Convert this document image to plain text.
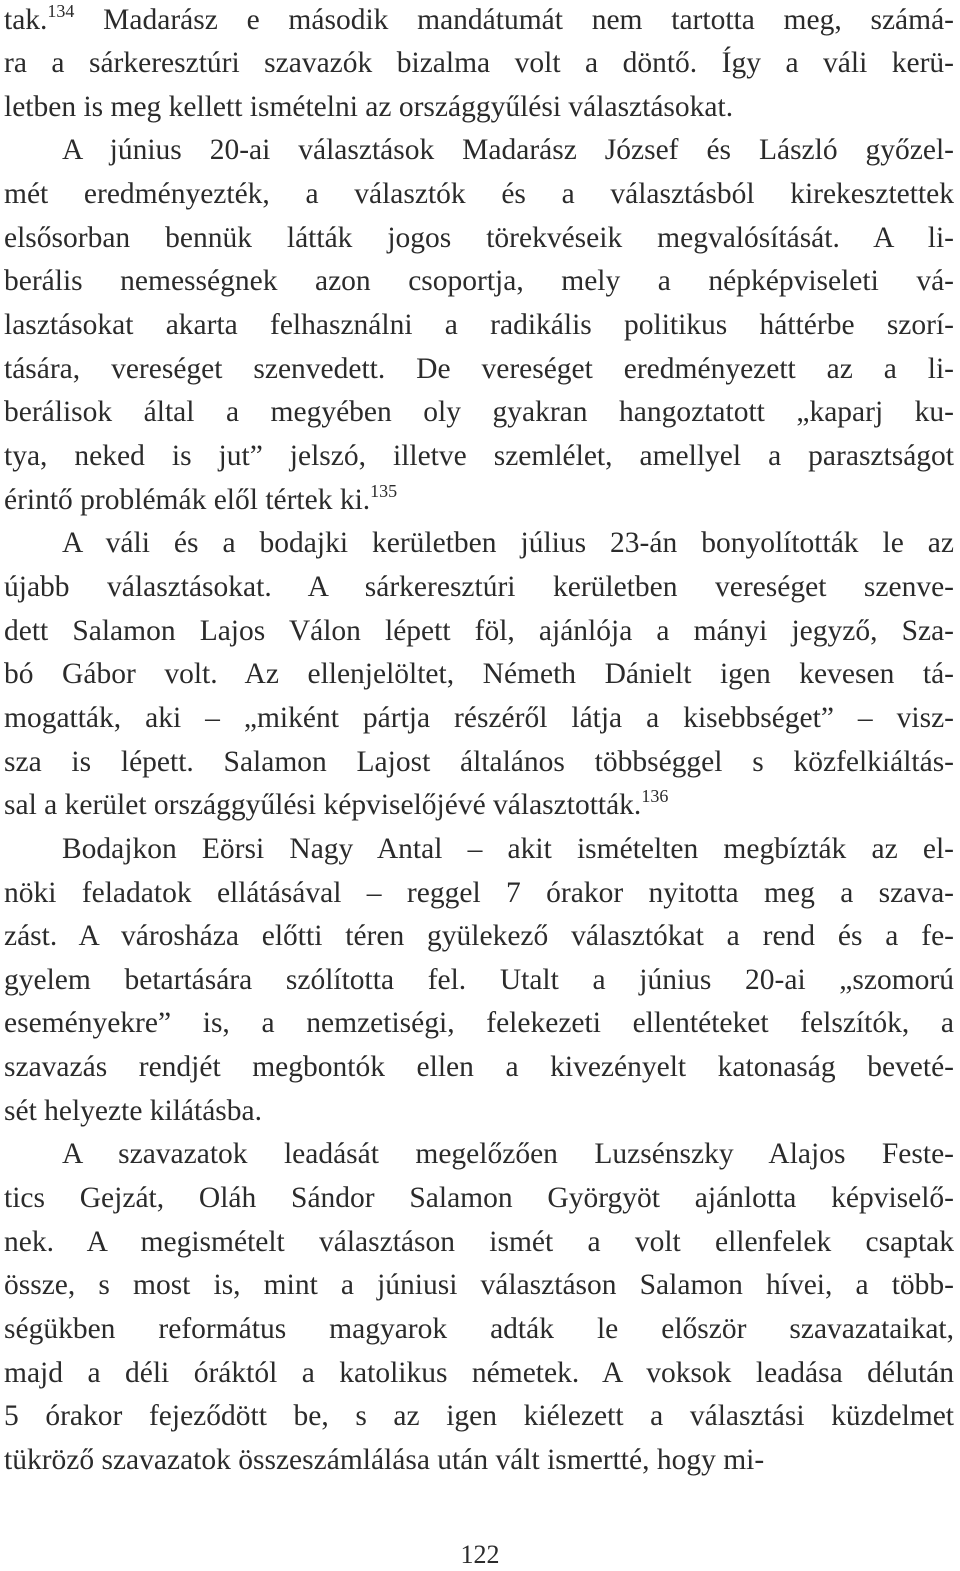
tak.$^{134}$ Madarász e második mandátumát nem tartotta meg, számá-
ra a sárkeresztúri szavazók bizalma volt a döntő. Így a váli kerü-
letben is meg kellett ismételni az országgyűlési választásokat.
A június 20-ai választások Madarász József és László győzel-
mét eredményezték, a választók és a választásból kirekesztettek
elsősorban bennük látták jogos törekvéseik megvalósítását. A li-
berális nemességnek azon csoportja, mely a népképviseleti vá-
lasztásokat akarta felhasználni a radikális politikus háttérbe szorí-
tására, vereséget szenvedett. De vereséget eredményezett az a li-
berálisok által a megyében oly gyakran hangoztatott „kaparj ku-
tya, neked is jut” jelszó, illetve szemlélet, amellyel a parasztságot
érintő problémák elől tértek ki.$^{135}$
A váli és a bodajki kerületben július 23-án bonyolították le az
újabb választásokat. A sárkeresztúri kerületben vereséget szenve-
dett Salamon Lajos Válon lépett föl, ajánlója a mányi jegyző, Sza-
bó Gábor volt. Az ellenjelöltet, Németh Dánielt igen kevesen tá-
mogatták, aki – „miként pártja részéről látja a kisebbséget” – visz-
sza is lépett. Salamon Lajost általános többséggel s közfelkiáltás-
sal a kerület országgyűlési képviselőjévé választották.$^{136}$
Bodajkon Eörsi Nagy Antal – akit ismételten megbízták az el-
nöki feladatok ellátásával – reggel 7 órakor nyitotta meg a szava-
zást. A városháza előtti téren gyülekező választókat a rend és a fe-
gyelem betartására szólította fel. Utalt a június 20-ai „szomorú
eseményekre” is, a nemzetiségi, felekezeti ellentéteket felszítók, a
szavazás rendjét megbontók ellen a kivezényelt katonaság beveté-
sét helyezte kilátásba.
A szavazatok leadását megelőzően Luzsénszky Alajos Feste-
tics Gejzát, Oláh Sándor Salamon Györgyöt ajánlotta képviselő-
nek. A megismételt választáson ismét a volt ellenfelek csaptak
össze, s most is, mint a júniusi választáson Salamon hívei, a több-
ségükben református magyarok adták le először szavazataikat,
majd a déli óráktól a katolikus németek. A voksok leadása délután
5 órakor fejeződött be, s az igen kiélezett a választási küzdelmet
tükröző szavazatok összeszámlálása után vált ismertté, hogy mi-
122
